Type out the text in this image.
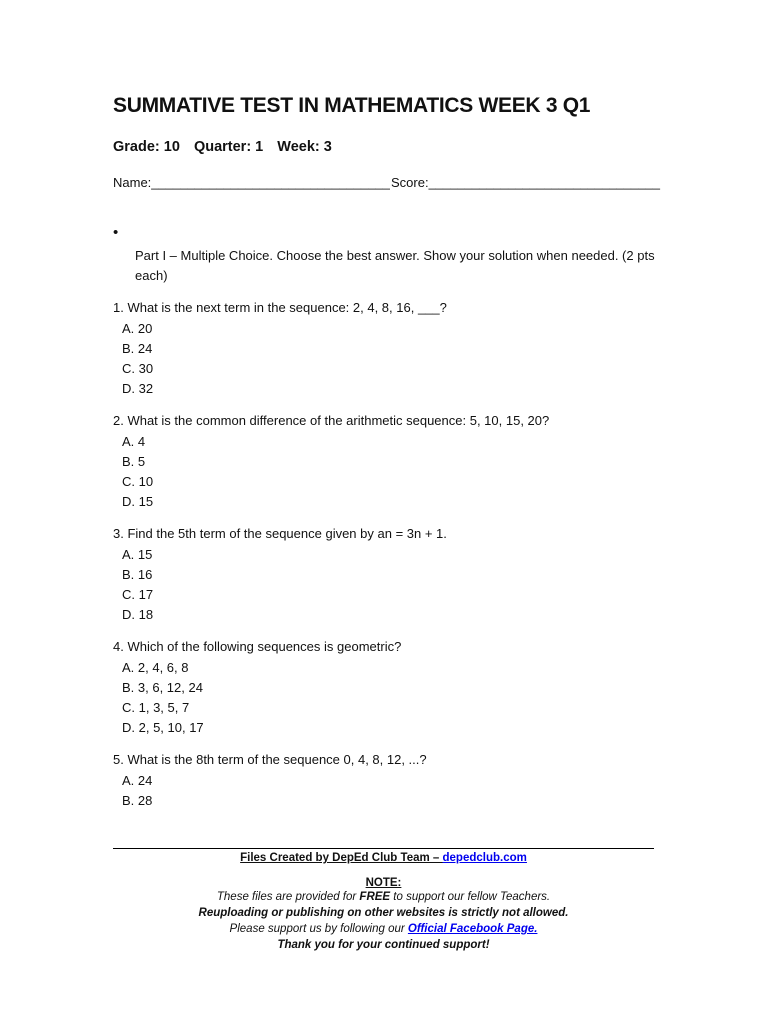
SUMMATIVE TEST IN MATHEMATICS WEEK 3 Q1
Grade: 10 Quarter: 1 Week: 3
Name:_________________________________ Score:________________________________
•
Part I – Multiple Choice. Choose the best answer. Show your solution when needed. (2 pts each)
1. What is the next term in the sequence: 2, 4, 8, 16, ___?
A. 20
B. 24
C. 30
D. 32
2. What is the common difference of the arithmetic sequence: 5, 10, 15, 20?
A. 4
B. 5
C. 10
D. 15
3. Find the 5th term of the sequence given by an = 3n + 1.
A. 15
B. 16
C. 17
D. 18
4. Which of the following sequences is geometric?
A. 2, 4, 6, 8
B. 3, 6, 12, 24
C. 1, 3, 5, 7
D. 2, 5, 10, 17
5. What is the 8th term of the sequence 0, 4, 8, 12, ...?
A. 24
B. 28
Files Created by DepEd Club Team – depedclub.com
NOTE:
These files are provided for FREE to support our fellow Teachers.
Reuploading or publishing on other websites is strictly not allowed.
Please support us by following our Official Facebook Page.
Thank you for your continued support!
